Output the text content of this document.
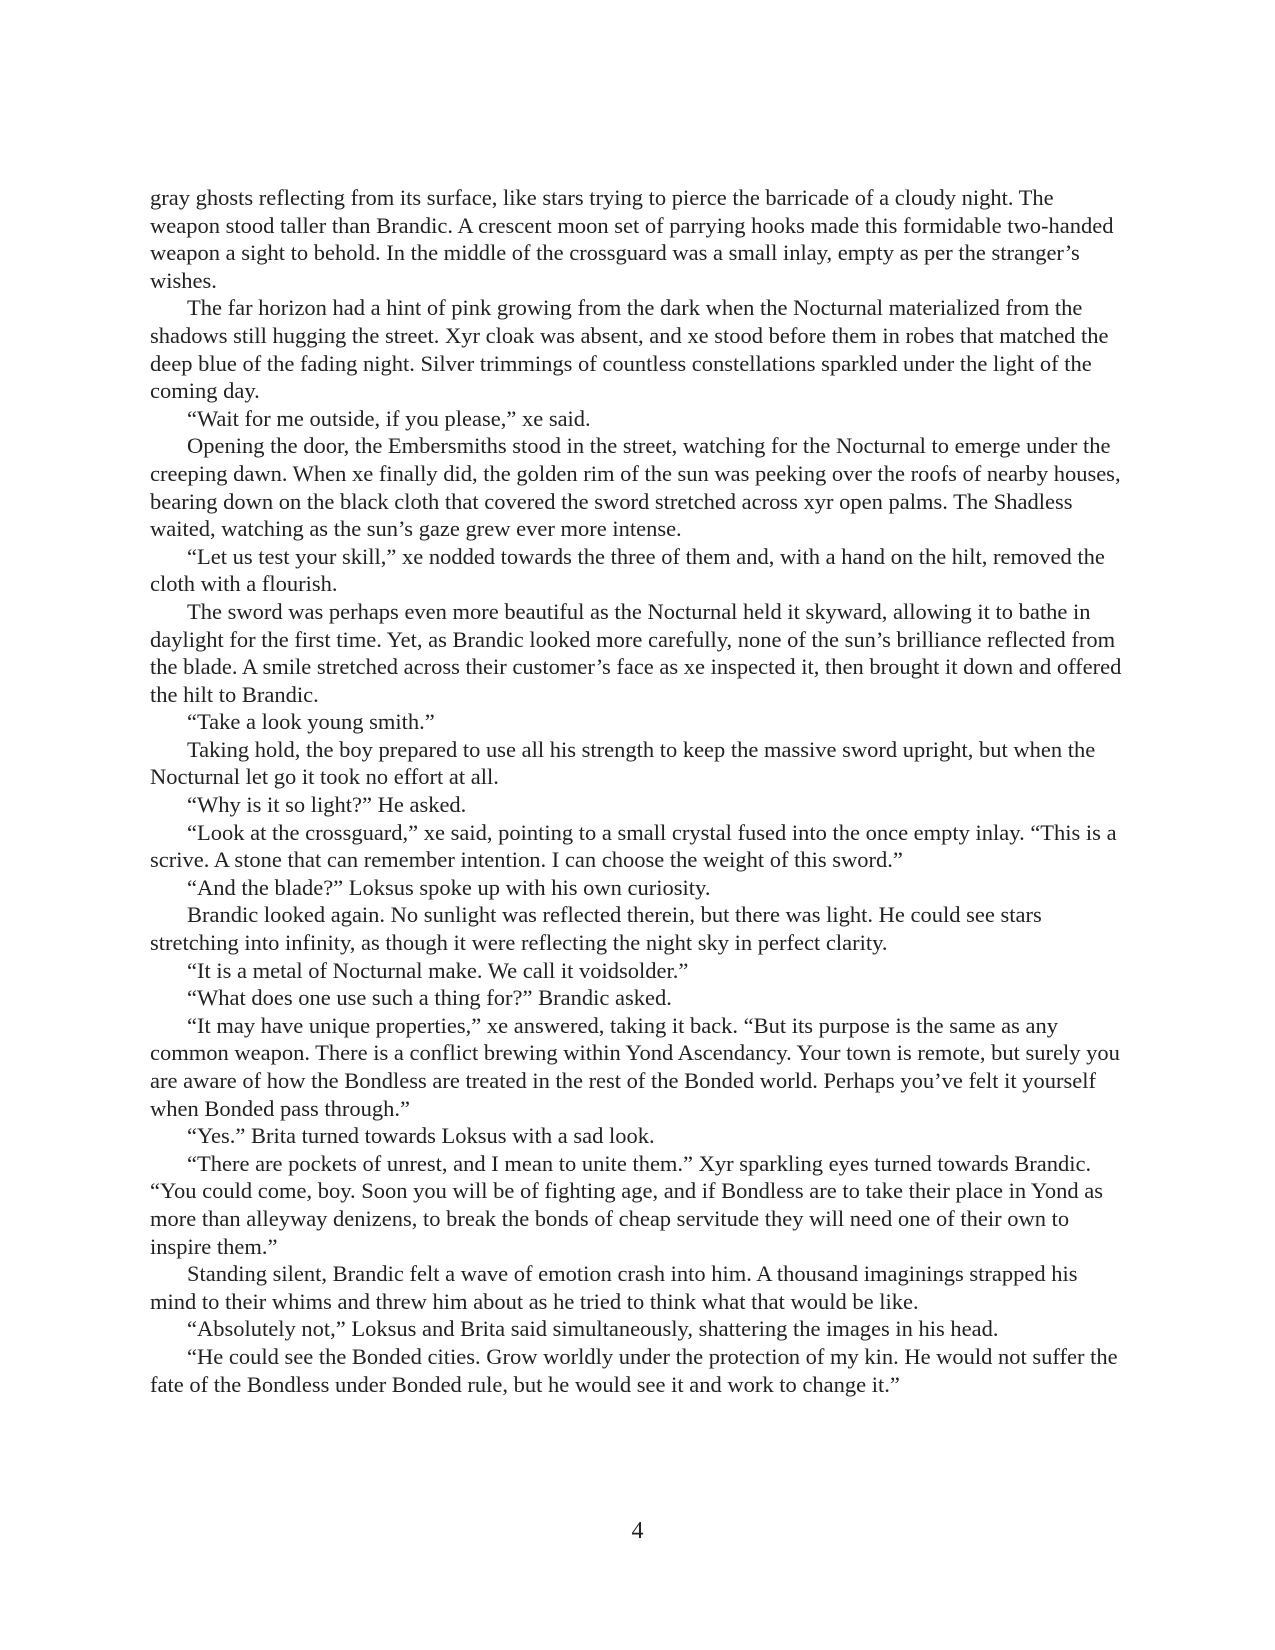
gray ghosts reflecting from its surface, like stars trying to pierce the barricade of a cloudy night. The weapon stood taller than Brandic. A crescent moon set of parrying hooks made this formidable two-handed weapon a sight to behold. In the middle of the crossguard was a small inlay, empty as per the stranger’s wishes.

The far horizon had a hint of pink growing from the dark when the Nocturnal materialized from the shadows still hugging the street. Xyr cloak was absent, and xe stood before them in robes that matched the deep blue of the fading night. Silver trimmings of countless constellations sparkled under the light of the coming day.

“Wait for me outside, if you please,” xe said.

Opening the door, the Embersmiths stood in the street, watching for the Nocturnal to emerge under the creeping dawn. When xe finally did, the golden rim of the sun was peeking over the roofs of nearby houses, bearing down on the black cloth that covered the sword stretched across xyr open palms. The Shadless waited, watching as the sun’s gaze grew ever more intense.

“Let us test your skill,” xe nodded towards the three of them and, with a hand on the hilt, removed the cloth with a flourish.

The sword was perhaps even more beautiful as the Nocturnal held it skyward, allowing it to bathe in daylight for the first time. Yet, as Brandic looked more carefully, none of the sun’s brilliance reflected from the blade. A smile stretched across their customer’s face as xe inspected it, then brought it down and offered the hilt to Brandic.

“Take a look young smith.”

Taking hold, the boy prepared to use all his strength to keep the massive sword upright, but when the Nocturnal let go it took no effort at all.

“Why is it so light?” He asked.

“Look at the crossguard,” xe said, pointing to a small crystal fused into the once empty inlay. “This is a scrive. A stone that can remember intention. I can choose the weight of this sword.”

“And the blade?” Loksus spoke up with his own curiosity.

Brandic looked again. No sunlight was reflected therein, but there was light. He could see stars stretching into infinity, as though it were reflecting the night sky in perfect clarity.

“It is a metal of Nocturnal make. We call it voidsolder.”

“What does one use such a thing for?” Brandic asked.

“It may have unique properties,” xe answered, taking it back. “But its purpose is the same as any common weapon. There is a conflict brewing within Yond Ascendancy. Your town is remote, but surely you are aware of how the Bondless are treated in the rest of the Bonded world. Perhaps you’ve felt it yourself when Bonded pass through.”

“Yes.” Brita turned towards Loksus with a sad look.

“There are pockets of unrest, and I mean to unite them.” Xyr sparkling eyes turned towards Brandic. “You could come, boy. Soon you will be of fighting age, and if Bondless are to take their place in Yond as more than alleyway denizens, to break the bonds of cheap servitude they will need one of their own to inspire them.”

Standing silent, Brandic felt a wave of emotion crash into him. A thousand imaginings strapped his mind to their whims and threw him about as he tried to think what that would be like.

“Absolutely not,” Loksus and Brita said simultaneously, shattering the images in his head.

“He could see the Bonded cities. Grow worldly under the protection of my kin. He would not suffer the fate of the Bondless under Bonded rule, but he would see it and work to change it.”

4
